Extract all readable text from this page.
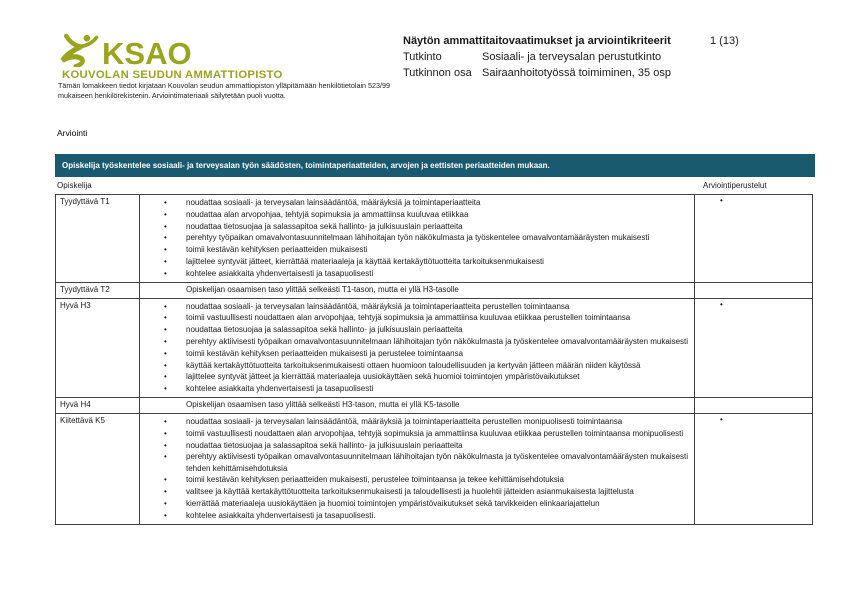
KSAO
KOUVOLAN SEUDUN AMMATTIOPISTO
Tämän lomakkeen tiedot kirjataan Kouvolan seudun ammattiopiston ylläpitämään henkilötietolain 523/99
mukaiseen henkilörekisteriin. Arviointimateriaali säilytetään puoli vuotta.
Näytön ammattitaitovaatimukset ja arviointikriteerit	1 (13)
Tutkinto	Sosiaali- ja terveysalan perustutkinto
Tutkinnon osa Sairaanhoitotyössä toimiminen, 35 osp
Arviointi
Opiskelija työskentelee sosiaali- ja terveysalan työn säädösten, toimintaperiaatteiden, arvojen ja eettisten periaatteiden mukaan.
Opiskelija	Arviointiperustelut
Tyydyttävä T1	• noudattaa sosiaali- ja terveysalan lainsäädäntöä, määräyksiä ja toimintaperiaatteita
• noudattaa alan arvopohjaa, tehtyjä sopimuksia ja ammattiinsa kuuluvaa etiikkaa
• noudattaa tietosuojaa ja salassapitoa sekä hallinto- ja julkisuuslain periaatteita
• perehtyy työpaikan omavalvontasuunnitelmaan lähihoitajan työn näkökulmasta ja työskentelee omavalvontamääräysten mukaisesti
• toimii kestävän kehityksen periaatteiden mukaisesti
• lajittelee syntyvät jätteet, kierrättää materiaaleja ja käyttää kertakäyttötuotteita tarkoituksenmukaisesti
• kohtelee asiakkaita yhdenvertaisesti ja tasapuolisesti
•
Tyydyttävä T2	Opiskelijan osaamisen taso ylittää selkeästi T1-tason, mutta ei yllä H3-tasolle
Hyvä H3	• noudattaa sosiaali- ja terveysalan lainsäädäntöä, määräyksiä ja toimintaperiaatteita perustellen toimintaansa
• toimii vastuullisesti noudattaen alan arvopohjaa, tehtyjä sopimuksia ja ammattiinsa kuuluvaa etiikkaa perustellen toimintaansa
• noudattaa tietosuojaa ja salassapitoa sekä hallinto- ja julkisuuslain periaatteita
• perehtyy aktiivisesti työpaikan omavalvontasuunnitelmaan lähihoitajan työn näkökulmasta ja työskentelee omavalvontamääräysten mukaisesti
• toimii kestävän kehityksen periaatteiden mukaisesti ja perustelee toimintaansa
• käyttää kertakäyttötuotteita tarkoituksenmukaisesti ottaen huomioon taloudellisuuden ja kertyvän jätteen määrän niiden käytössä
• lajittelee syntyvät jätteet ja kierrättää materiaaleja uusiokäyttäen sekä huomioi toimintojen ympäristövaikutukset
• kohtelee asiakkaita yhdenvertaisesti ja tasapuolisesti
•
Hyvä H4	Opiskelijan osaamisen taso ylittää selkeästi H3-tason, mutta ei yllä K5-tasolle
Kiitettävä K5	• noudattaa sosiaali- ja terveysalan lainsäädäntöä, määräyksiä ja toimintaperiaatteita perustellen monipuolisesti toimintaansa
• toimii vastuullisesti noudattaen alan arvopohjaa, tehtyjä sopimuksia ja ammattiinsa kuuluvaa etiikkaa perustellen toimintaansa monipuolisesti
• noudattaa tietosuojaa ja salassapitoa sekä hallinto- ja julkisuuslain periaatteita
• perehtyy aktiivisesti työpaikan omavalvontasuunnitelmaan lähihoitajan työn näkökulmasta ja työskentelee omavalvontamääräysten mukaisesti tehden kehittämisehdotuksia
• toimii kestävän kehityksen periaatteiden mukaisesti, perustelee toimintaansa ja tekee kehittämisehdotuksia
• valitsee ja käyttää kertakäyttötuotteita tarkoituksenmukaisesti ja taloudellisesti ja huolehtii jätteiden asianmukaisesta lajittelusta
• kierrättää materiaaleja uusiokäyttäen ja huomioi toimintojen ympäristövaikutukset sekä tarvikkeiden elinkaariajattelun
• kohtelee asiakkaita yhdenvertaisesti ja tasapuolisesti.
•
